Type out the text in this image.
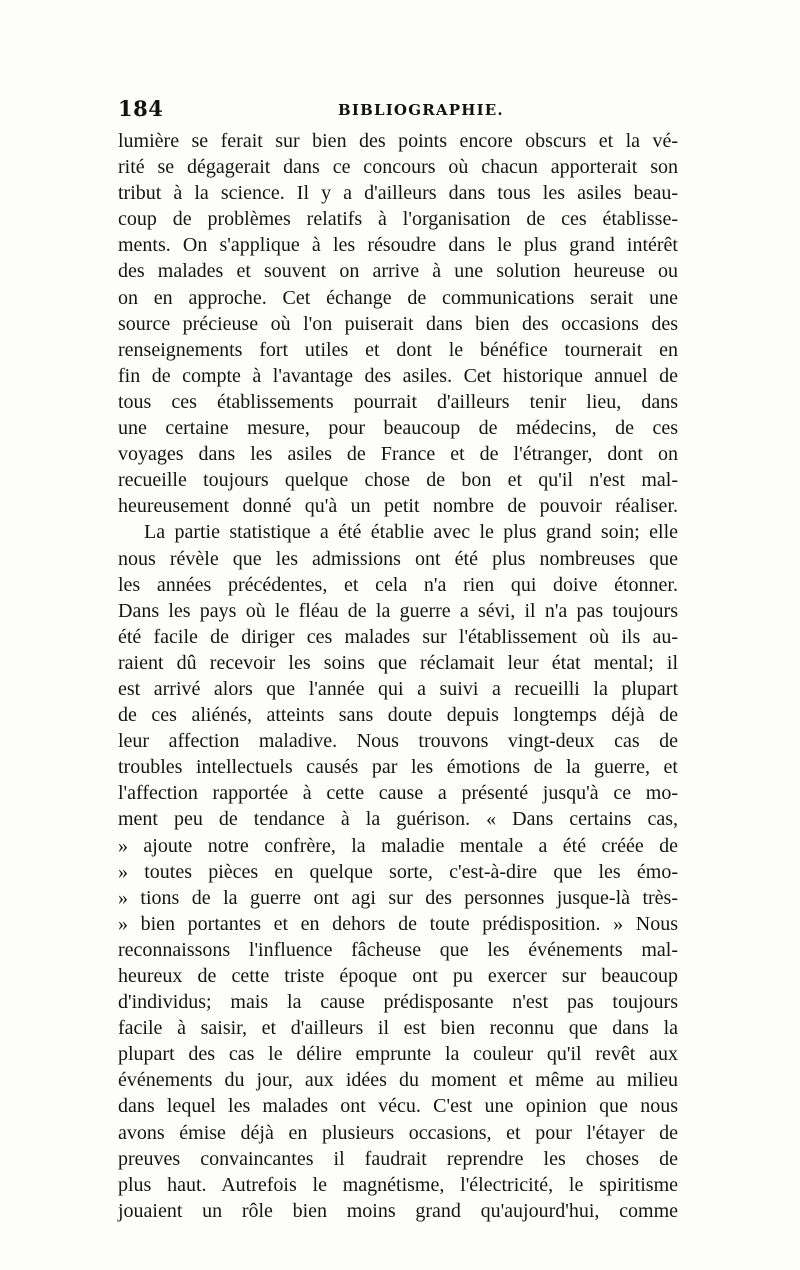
184	BIBLIOGRAPHIE.
lumière se ferait sur bien des points encore obscurs et la vé-
rité se dégagerait dans ce concours où chacun apporterait son
tribut à la science. Il y a d'ailleurs dans tous les asiles beau-
coup de problèmes relatifs à l'organisation de ces établisse-
ments. On s'applique à les résoudre dans le plus grand intérêt
des malades et souvent on arrive à une solution heureuse ou
on en approche. Cet échange de communications serait une
source précieuse où l'on puiserait dans bien des occasions des
renseignements fort utiles et dont le bénéfice tournerait en
fin de compte à l'avantage des asiles. Cet historique annuel de
tous ces établissements pourrait d'ailleurs tenir lieu, dans
une certaine mesure, pour beaucoup de médecins, de ces
voyages dans les asiles de France et de l'étranger, dont on
recueille toujours quelque chose de bon et qu'il n'est mal-
heureusement donné qu'à un petit nombre de pouvoir réaliser.
La partie statistique a été établie avec le plus grand soin; elle
nous révèle que les admissions ont été plus nombreuses que
les années précédentes, et cela n'a rien qui doive étonner.
Dans les pays où le fléau de la guerre a sévi, il n'a pas toujours
été facile de diriger ces malades sur l'établissement où ils au-
raient dû recevoir les soins que réclamait leur état mental; il
est arrivé alors que l'année qui a suivi a recueilli la plupart
de ces aliénés, atteints sans doute depuis longtemps déjà de
leur affection maladive. Nous trouvons vingt-deux cas de
troubles intellectuels causés par les émotions de la guerre, et
l'affection rapportée à cette cause a présenté jusqu'à ce mo-
ment peu de tendance à la guérison. « Dans certains cas,
» ajoute notre confrère, la maladie mentale a été créée de
» toutes pièces en quelque sorte, c'est-à-dire que les émo-
» tions de la guerre ont agi sur des personnes jusque-là très-
» bien portantes et en dehors de toute prédisposition. » Nous
reconnaissons l'influence fâcheuse que les événements mal-
heureux de cette triste époque ont pu exercer sur beaucoup
d'individus; mais la cause prédisposante n'est pas toujours
facile à saisir, et d'ailleurs il est bien reconnu que dans la
plupart des cas le délire emprunte la couleur qu'il revêt aux
événements du jour, aux idées du moment et même au milieu
dans lequel les malades ont vécu. C'est une opinion que nous
avons émise déjà en plusieurs occasions, et pour l'étayer de
preuves convaincantes il faudrait reprendre les choses de
plus haut. Autrefois le magnétisme, l'électricité, le spiritisme
jouaient un rôle bien moins grand qu'aujourd'hui, comme
